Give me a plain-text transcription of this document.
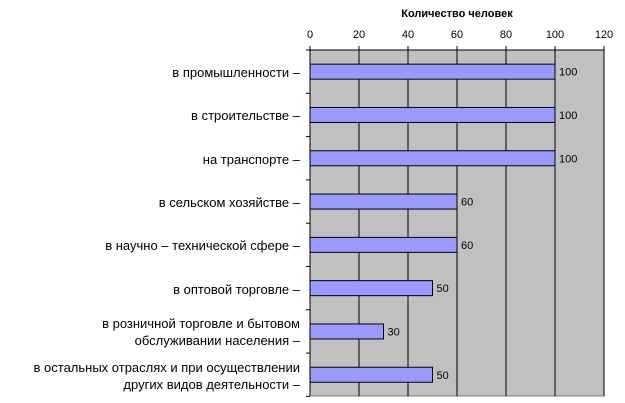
Количество человек
0	20	40	60	80	100	120
100
100
100
60
60
50
30
50
в промышленности –
в строительстве –
на транспорте –
в сельском хозяйстве –
в научно – технической сфере –
в оптовой торговле –
в розничной торговле и бытовом
обслуживании населения –
в остальных отраслях и при осуществлении
других видов деятельности –
